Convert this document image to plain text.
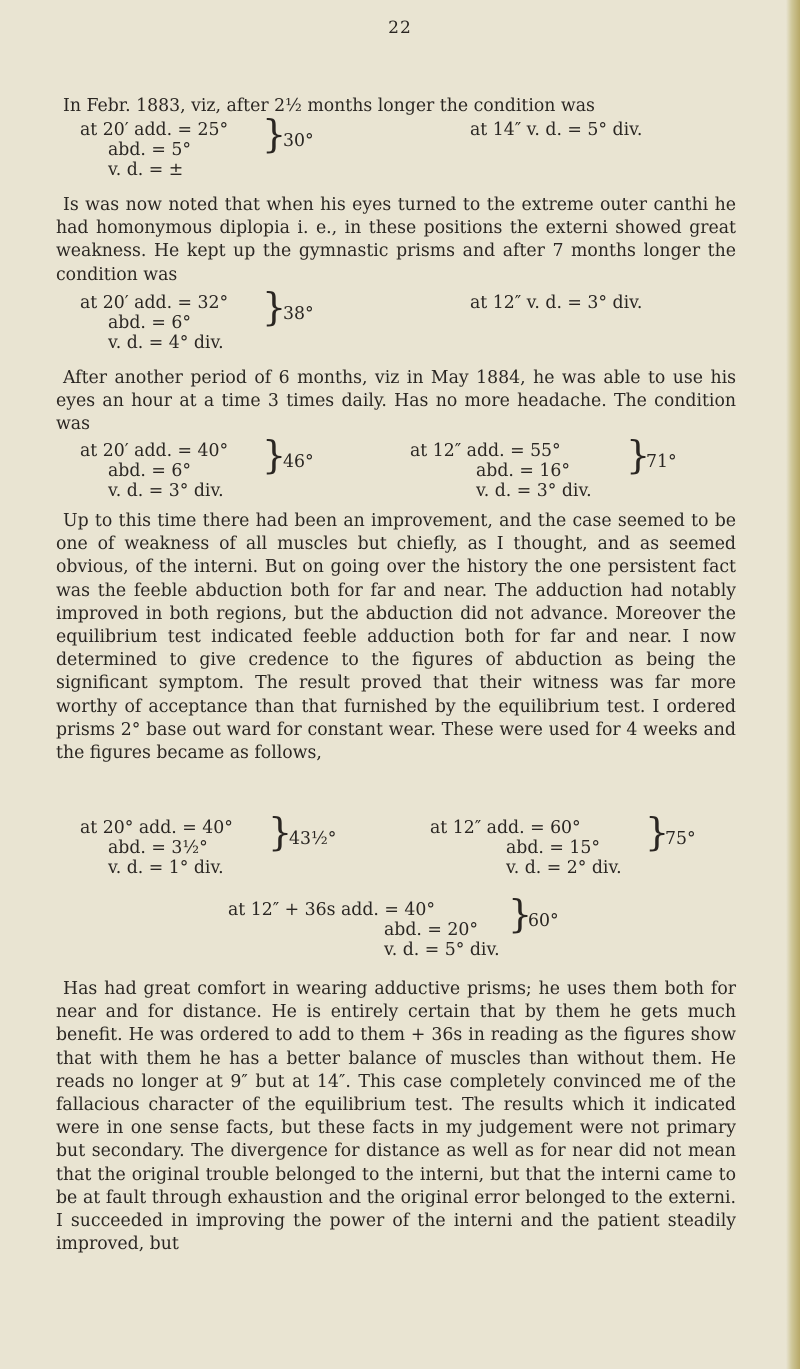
22
In Febr. 1883, viz, after 2½ months longer the condition was
at 20′ add. = 25°
abd. = 5°
v. d. = ±
}
30°
at 14″ v. d. = 5° div.
Is was now noted that when his eyes turned to the extreme outer canthi he had homonymous diplopia i. e., in these positions the externi showed great weakness. He kept up the gymnastic prisms and after 7 months longer the condition was
at 20′ add. = 32°
abd. = 6°
v. d. = 4° div.
}
38°
at 12″ v. d. = 3° div.
After another period of 6 months, viz in May 1884, he was able to use his eyes an hour at a time 3 times daily. Has no more headache. The condition was
at 20′ add. = 40°
abd. = 6°
v. d. = 3° div.
}
46°
at 12″ add. = 55°
abd. = 16°
v. d. = 3° div.
}
71°
Up to this time there had been an improvement, and the case seemed to be one of weakness of all muscles but chiefly, as I thought, and as seemed obvious, of the interni. But on going over the history the one persistent fact was the feeble abduction both for far and near. The adduction had notably improved in both regions, but the abduction did not advance. Moreover the equilibrium test indicated feeble adduction both for far and near. I now determined to give credence to the figures of abduction as being the significant symptom. The result proved that their witness was far more worthy of acceptance than that furnished by the equilibrium test. I ordered prisms 2° base out ward for constant wear. These were used for 4 weeks and the figures became as follows,
at 20° add. = 40°
abd. = 3½°
v. d. = 1° div.
}
43½°
at 12″ add. = 60°
abd. = 15°
v. d. = 2° div.
}
75°
at 12″ + 36s add. = 40°
abd. = 20°
v. d. = 5° div.
}
60°
Has had great comfort in wearing adductive prisms; he uses them both for near and for distance. He is entirely certain that by them he gets much benefit. He was ordered to add to them + 36s in reading as the figures show that with them he has a better balance of muscles than without them. He reads no longer at 9″ but at 14″. This case completely convinced me of the fallacious character of the equilibrium test. The results which it indicated were in one sense facts, but these facts in my judgement were not primary but secondary. The divergence for distance as well as for near did not mean that the original trouble belonged to the interni, but that the interni came to be at fault through exhaustion and the original error belonged to the externi. I succeeded in improving the power of the interni and the patient steadily improved, but
